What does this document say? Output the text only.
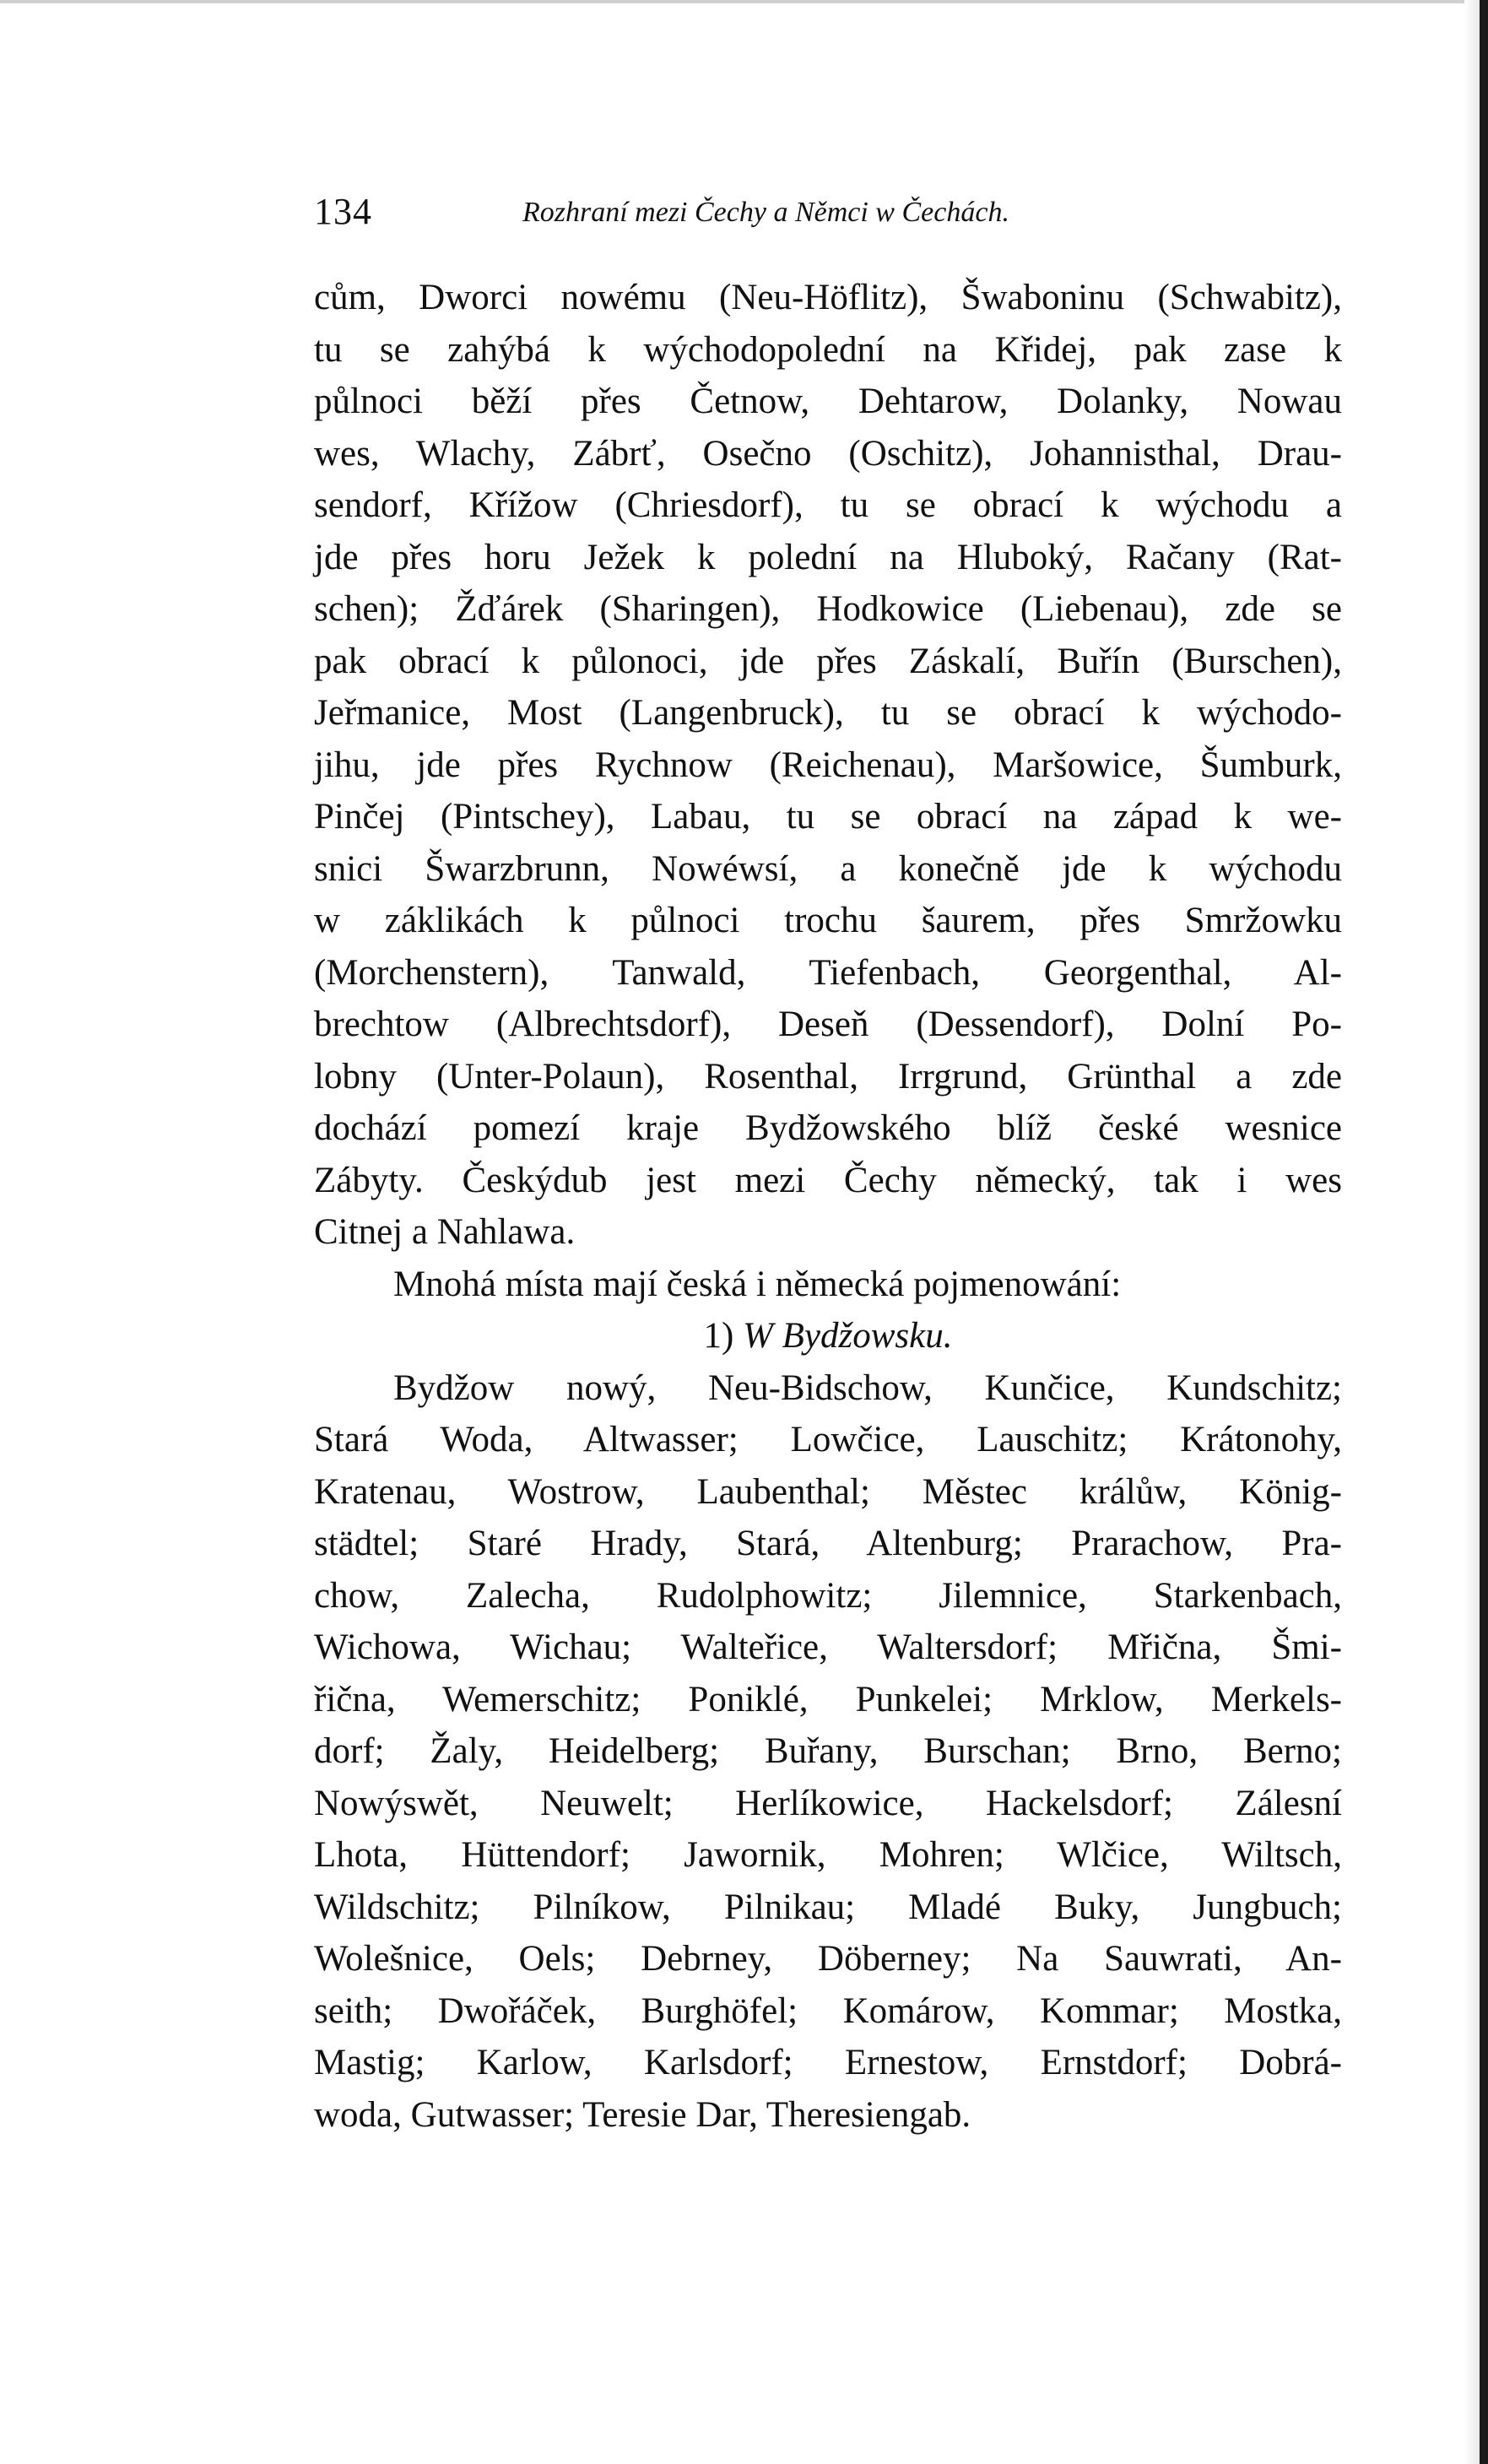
134	Rozhraní mezi Čechy a Němci w Čechách.
cům, Dworci nowému (Neu-Höflitz), Šwaboninu (Schwabitz),
tu se zahýbá k wýchodopolední na Křidej, pak zase k
půlnoci běží přes Četnow, Dehtarow, Dolanky, Nowau
wes, Wlachy, Zábrť, Osečno (Oschitz), Johannisthal, Drau-
sendorf, Křížow (Chriesdorf), tu se obrací k wýchodu a
jde přes horu Ježek k polední na Hluboký, Račany (Rat-
schen); Žďárek (Sharingen), Hodkowice (Liebenau), zde se
pak obrací k půlonoci, jde přes Záskalí, Buřín (Burschen),
Jeřmanice, Most (Langenbruck), tu se obrací k wýchodo-
jihu, jde přes Rychnow (Reichenau), Maršowice, Šumburk,
Pinčej (Pintschey), Labau, tu se obrací na západ k we-
snici Šwarzbrunn, Nowéwsí, a konečně jde k wýchodu
w záklikách k půlnoci trochu šaurem, přes Smržowku
(Morchenstern), Tanwald, Tiefenbach, Georgenthal, Al-
brechtow (Albrechtsdorf), Deseň (Dessendorf), Dolní Po-
lobny (Unter-Polaun), Rosenthal, Irrgrund, Grünthal a zde
dochází pomezí kraje Bydžowského blíž české wesnice
Zábyty. Českýdub jest mezi Čechy německý, tak i wes
Citnej a Nahlawa.
Mnohá místa mají česká i německá pojmenowání:
1) W Bydžowsku.
Bydžow nowý, Neu-Bidschow, Kunčice, Kundschitz;
Stará Woda, Altwasser; Lowčice, Lauschitz; Krátonohy,
Kratenau, Wostrow, Laubenthal; Městec králůw, König-
städtel; Staré Hrady, Stará, Altenburg; Prarachow, Pra-
chow, Zalecha, Rudolphowitz; Jilemnice, Starkenbach,
Wichowa, Wichau; Walteřice, Waltersdorf; Mřična, Šmi-
řična, Wemerschitz; Poniklé, Punkelei; Mrklow, Merkels-
dorf; Žaly, Heidelberg; Buřany, Burschan; Brno, Berno;
Nowýswět, Neuwelt; Herlíkowice, Hackelsdorf; Zálesní
Lhota, Hüttendorf; Jawornik, Mohren; Wlčice, Wiltsch,
Wildschitz; Pilníkow, Pilnikau; Mladé Buky, Jungbuch;
Wolešnice, Oels; Debrney, Döberney; Na Sauwrati, An-
seith; Dwořáček, Burghöfel; Komárow, Kommar; Mostka,
Mastig; Karlow, Karlsdorf; Ernestow, Ernstdorf; Dobrá-
woda, Gutwasser; Teresie Dar, Theresiengab.
